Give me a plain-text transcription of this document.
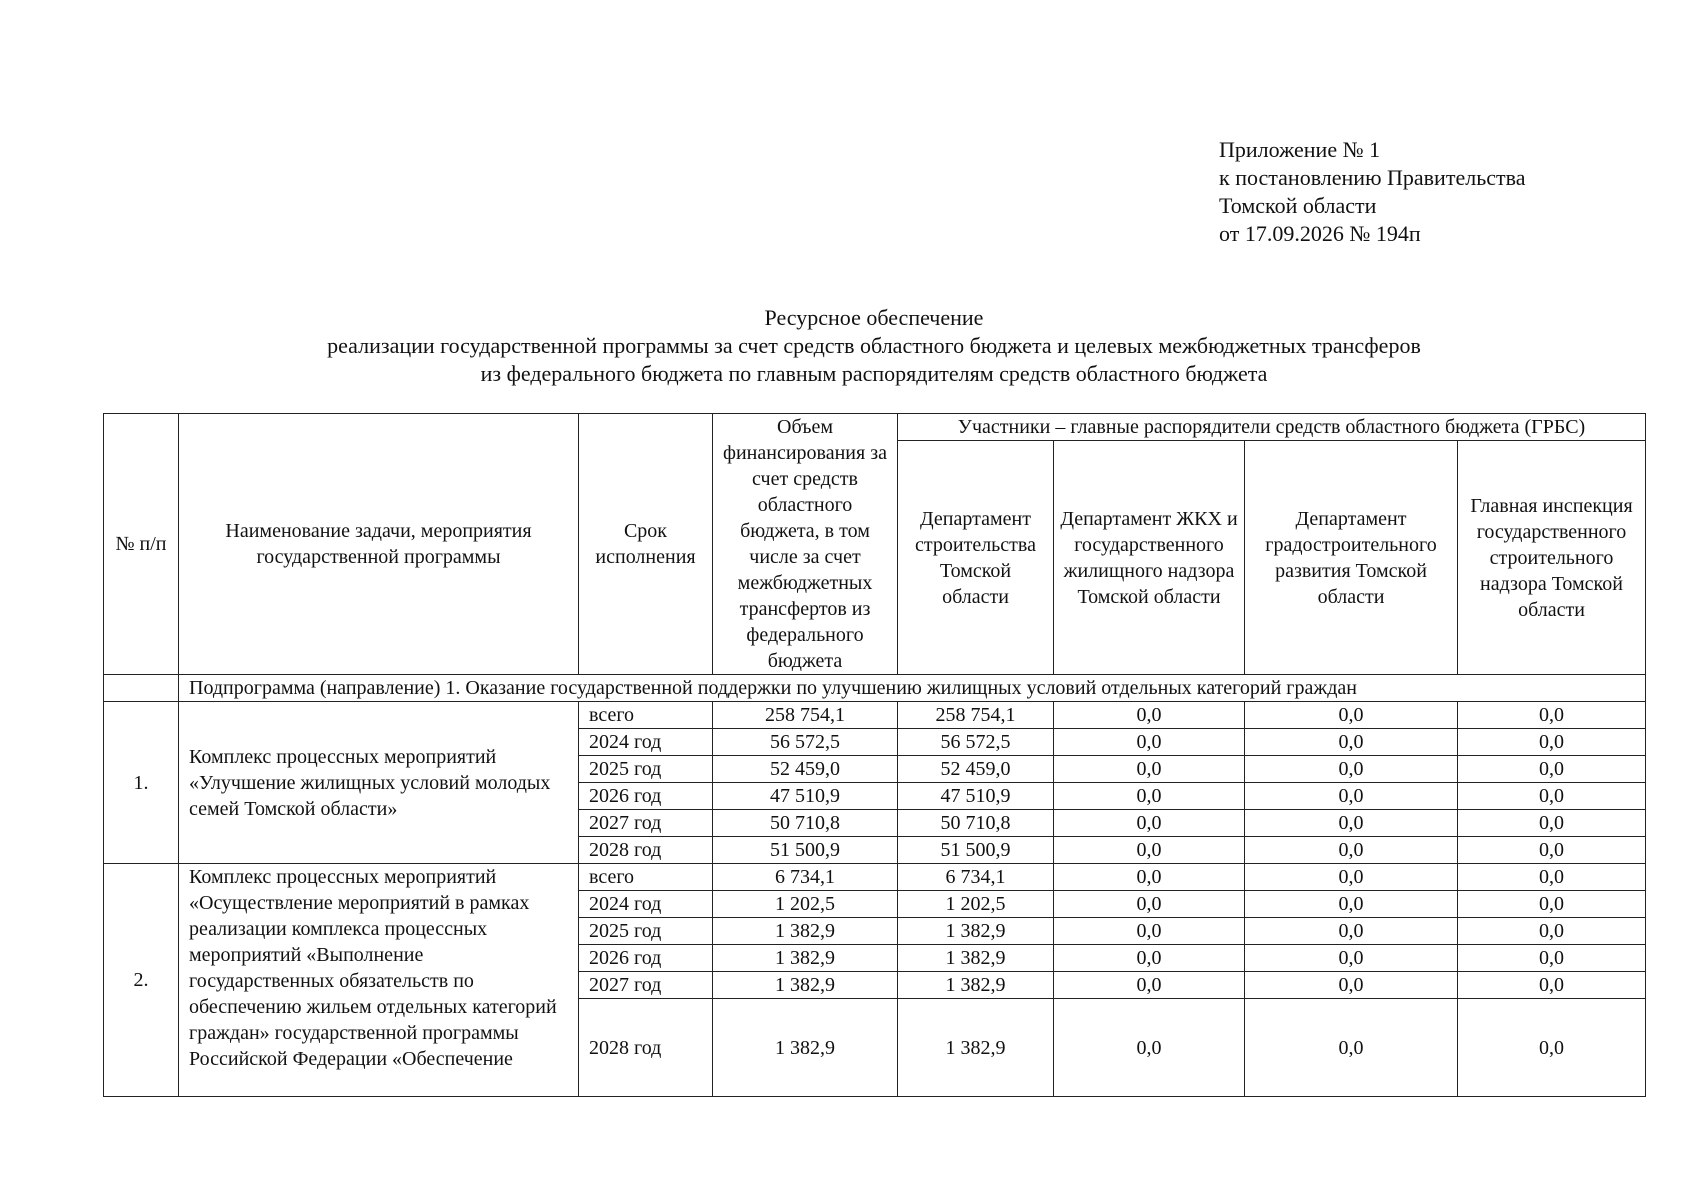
Приложение № 1
к постановлению Правительства
Томской области
от 17.09.2026 № 194п
Ресурсное обеспечение
реализации государственной программы за счет средств областного бюджета и целевых межбюджетных трансферов
из федерального бюджета по главным распорядителям средств областного бюджета
№ п/п	Наименование задачи, мероприятия государственной программы	Срок исполнения	Объем финансирования за счет средств областного бюджета, в том числе за счет межбюджетных трансфертов из федерального бюджета	Участники – главные распорядители средств областного бюджета (ГРБС)			
				Департамент строительства Томской области	Департамент ЖКХ и государственного жилищного надзора Томской области	Департамент градостроительного развития Томской области	Главная инспекция государственного строительного надзора Томской области
	Подпрограмма (направление) 1. Оказание государственной поддержки по улучшению жилищных условий отдельных категорий граждан						
1.	Комплекс процессных мероприятий «Улучшение жилищных условий молодых семей Томской области»	всего	258 754,1	258 754,1	0,0	0,0	0,0
		2024 год	56 572,5	56 572,5	0,0	0,0	0,0
		2025 год	52 459,0	52 459,0	0,0	0,0	0,0
		2026 год	47 510,9	47 510,9	0,0	0,0	0,0
		2027 год	50 710,8	50 710,8	0,0	0,0	0,0
		2028 год	51 500,9	51 500,9	0,0	0,0	0,0
2.	Комплекс процессных мероприятий «Осуществление мероприятий в рамках реализации комплекса процессных мероприятий «Выполнение государственных обязательств по обеспечению жильем отдельных категорий граждан» государственной программы Российской Федерации «Обеспечение	всего	6 734,1	6 734,1	0,0	0,0	0,0
		2024 год	1 202,5	1 202,5	0,0	0,0	0,0
		2025 год	1 382,9	1 382,9	0,0	0,0	0,0
		2026 год	1 382,9	1 382,9	0,0	0,0	0,0
		2027 год	1 382,9	1 382,9	0,0	0,0	0,0
		2028 год	1 382,9	1 382,9	0,0	0,0	0,0
